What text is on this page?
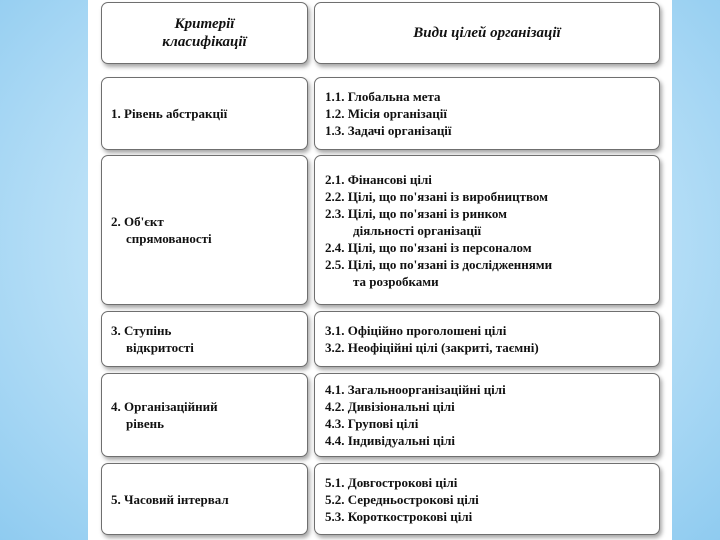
Критерії
класифікації
Види цілей організації
1. Рівень абстракції
1.1. Глобальна мета
1.2. Місія організації
1.3. Задачі організації
2. Об'єкт
спрямованості
2.1. Фінансові цілі
2.2. Цілі, що по'язані із виробництвом
2.3. Цілі, що по'язані із ринком
діяльності організації
2.4. Цілі, що по'язані із персоналом
2.5. Цілі, що по'язані із дослідженнями
та розробками
3. Ступінь
відкритості
3.1. Офіційно проголошені цілі
3.2. Неофіційні цілі (закриті, таємні)
4. Організаційний
рівень
4.1. Загальноорганізаційні цілі
4.2. Дивізіональні цілі
4.3. Групові цілі
4.4. Індивідуальні цілі
5. Часовий інтервал
5.1. Довгострокові цілі
5.2. Середньострокові цілі
5.3. Короткострокові цілі
